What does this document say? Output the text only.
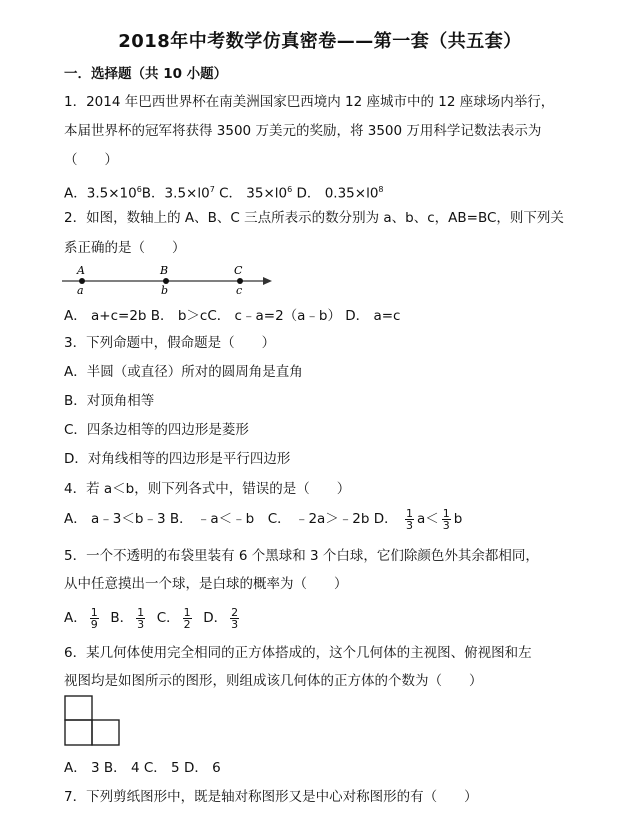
2018年中考数学仿真密卷——第一套（共五套）
一．选择题（共 10 小题）
1．2014 年巴西世界杯在南美洲国家巴西境内 12 座城市中的 12 座球场内举行，
本届世界杯的冠军将获得 3500 万美元的奖励，将 3500 万用科学记数法表示为
（　　）
A．$3.5\times 10^6B$．$3.5\times l0^7$ C． $35\times l0^6$ D． $0.35\times l0^8$
2．如图，数轴上的 A、B、C 三点所表示的数分别为 a、b、c，AB=BC，则下列关
系正确的是（　　）
A	B	C
a	b	c
A． a+c=2b B． b＞cC． c﹣a=2（a﹣b） D． a=c
3．下列命题中，假命题是（　　）
A．半圆（或直径）所对的圆周角是直角
B．对顶角相等
C．四条边相等的四边形是菱形
D．对角线相等的四边形是平行四边形
4．若 a＜b，则下列各式中，错误的是（　　）
A． a﹣3＜b﹣3 B． ﹣a＜﹣b　C． ﹣2a＞﹣2b D． $\frac{1}{3} a< \frac{1}{3}$ b
5．一个不透明的布袋里装有 6 个黑球和 3 个白球，它们除颜色外其余都相同，
从中任意摸出一个球，是白球的概率为（　　）
A． $\frac{1}{9}$ B． $\frac{1}{3}$ C． $\frac{1}{2}$ D． $\frac{2}{3}$
6．某几何体使用完全相同的正方体搭成的，这个几何体的主视图、俯视图和左
视图均是如图所示的图形，则组成该几何体的正方体的个数为（　　）
A． 3 B． 4 C． 5 D． 6
7．下列剪纸图形中，既是轴对称图形又是中心对称图形的有（　　）
